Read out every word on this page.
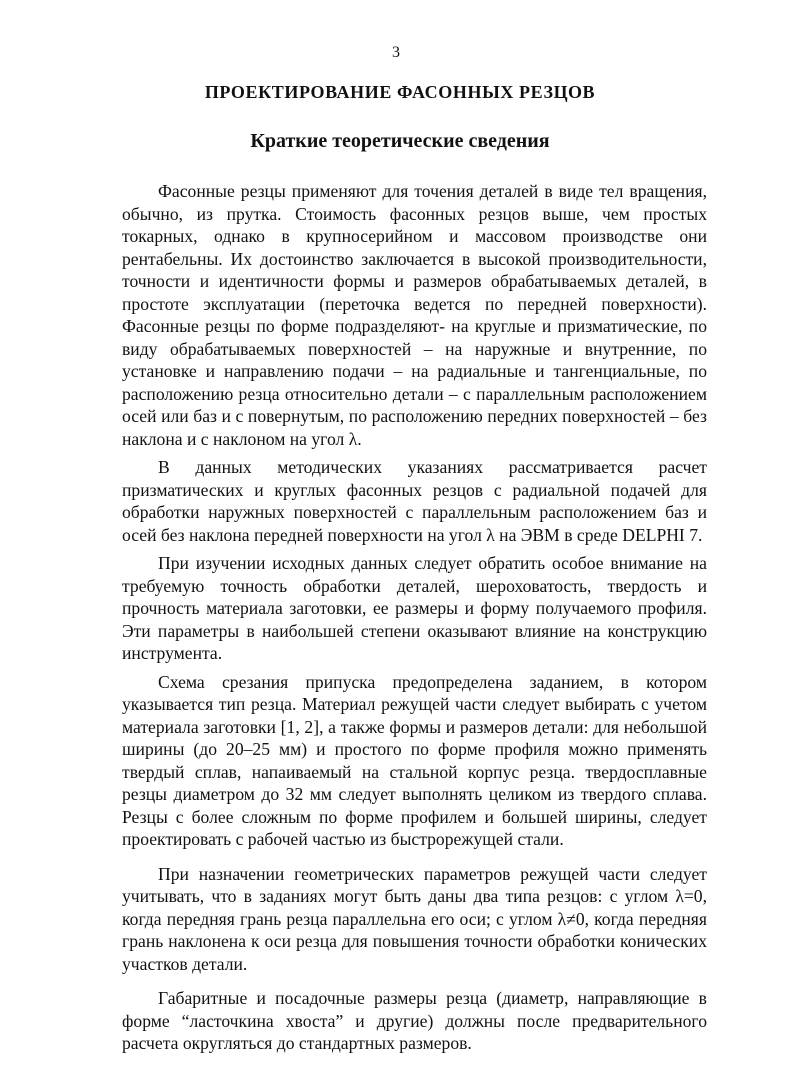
3
ПРОЕКТИРОВАНИЕ ФАСОННЫХ РЕЗЦОВ
Краткие теоретические сведения

Фасонные резцы применяют для точения деталей в виде тел вращения, обычно, из прутка. Стоимость фасонных резцов выше, чем простых токарных, однако в крупносерийном и массовом производстве они рентабельны. Их достоинство заключается в высокой производительности, точности и идентичности формы и размеров обрабатываемых деталей, в простоте эксплуатации (переточка ведется по передней поверхности). Фасонные резцы по форме подразделяют- на круглые и призматические, по виду обрабатываемых поверхностей – на наружные и внутренние, по установке и направлению подачи – на радиальные и тангенциальные, по расположению резца относительно детали – с параллельным расположением осей или баз и с повернутым, по расположению передних поверхностей – без наклона и с наклоном на угол λ.

В данных методических указаниях рассматривается расчет призматических и круглых фасонных резцов с радиальной подачей для обработки наружных поверхностей с параллельным расположением баз и осей без наклона передней поверхности на угол λ на ЭВМ в среде DELPHI 7.

При изучении исходных данных следует обратить особое внимание на требуемую точность обработки деталей, шероховатость, твердость и прочность материала заготовки, ее размеры и форму получаемого профиля. Эти параметры в наибольшей степени оказывают влияние на конструкцию инструмента.

Схема срезания припуска предопределена заданием, в котором указывается тип резца. Материал режущей части следует выбирать с учетом материала заготовки [1, 2], а также формы и размеров детали: для небольшой ширины (до 20–25 мм) и простого по форме профиля можно применять твердый сплав, напаиваемый на стальной корпус резца. твердосплавные резцы диаметром до 32 мм следует выполнять целиком из твердого сплава. Резцы с более сложным по форме профилем и большей ширины, следует проектировать с рабочей частью из быстрорежущей стали.

При назначении геометрических параметров режущей части следует учитывать, что в заданиях могут быть даны два типа резцов: с углом λ=0, когда передняя грань резца параллельна его оси; с углом λ≠0, когда передняя грань наклонена к оси резца для повышения точности обработки конических участков детали.

Габаритные и посадочные размеры резца (диаметр, направляющие в форме “ласточкина хвоста” и другие) должны после предварительного расчета округляться до стандартных размеров.
